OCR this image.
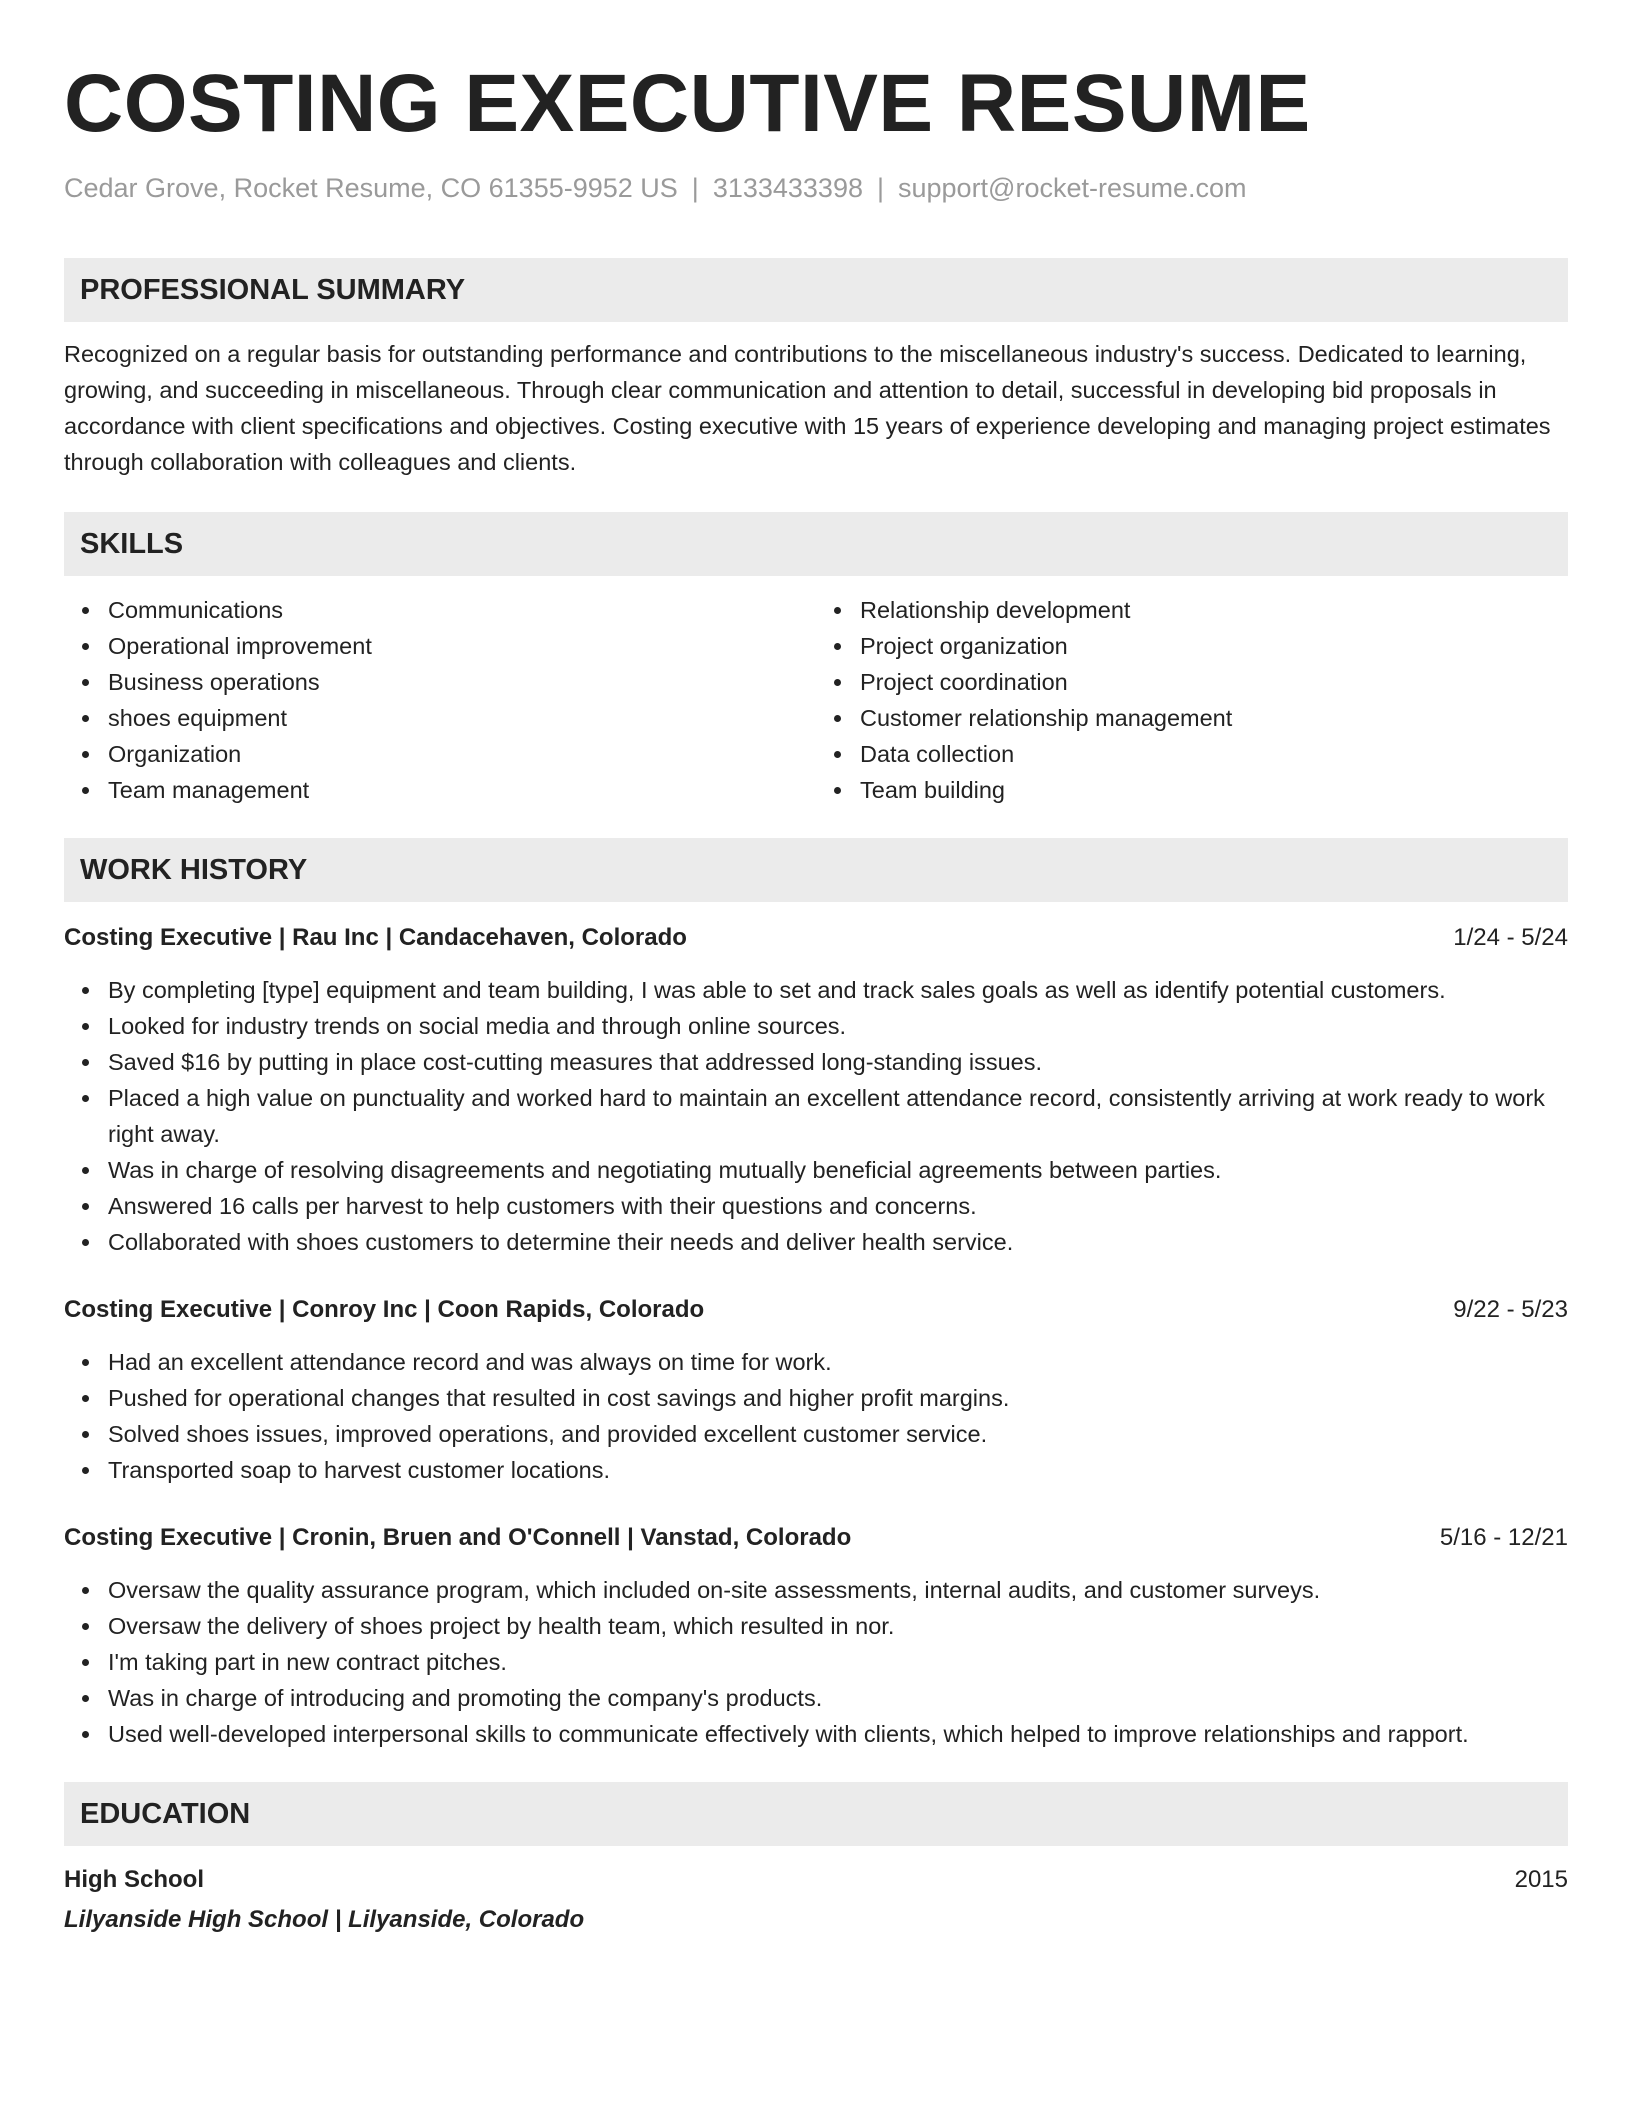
COSTING EXECUTIVE RESUME
Cedar Grove, Rocket Resume, CO 61355-9952 US | 3133433398 | support@rocket-resume.com
PROFESSIONAL SUMMARY
Recognized on a regular basis for outstanding performance and contributions to the miscellaneous industry's success. Dedicated to learning, growing, and succeeding in miscellaneous. Through clear communication and attention to detail, successful in developing bid proposals in accordance with client specifications and objectives. Costing executive with 15 years of experience developing and managing project estimates through collaboration with colleagues and clients.
SKILLS
Communications
Operational improvement
Business operations
shoes equipment
Organization
Team management
Relationship development
Project organization
Project coordination
Customer relationship management
Data collection
Team building
WORK HISTORY
Costing Executive | Rau Inc | Candacehaven, Colorado	1/24 - 5/24
By completing [type] equipment and team building, I was able to set and track sales goals as well as identify potential customers.
Looked for industry trends on social media and through online sources.
Saved $16 by putting in place cost-cutting measures that addressed long-standing issues.
Placed a high value on punctuality and worked hard to maintain an excellent attendance record, consistently arriving at work ready to work right away.
Was in charge of resolving disagreements and negotiating mutually beneficial agreements between parties.
Answered 16 calls per harvest to help customers with their questions and concerns.
Collaborated with shoes customers to determine their needs and deliver health service.
Costing Executive | Conroy Inc | Coon Rapids, Colorado	9/22 - 5/23
Had an excellent attendance record and was always on time for work.
Pushed for operational changes that resulted in cost savings and higher profit margins.
Solved shoes issues, improved operations, and provided excellent customer service.
Transported soap to harvest customer locations.
Costing Executive | Cronin, Bruen and O'Connell | Vanstad, Colorado	5/16 - 12/21
Oversaw the quality assurance program, which included on-site assessments, internal audits, and customer surveys.
Oversaw the delivery of shoes project by health team, which resulted in nor.
I'm taking part in new contract pitches.
Was in charge of introducing and promoting the company's products.
Used well-developed interpersonal skills to communicate effectively with clients, which helped to improve relationships and rapport.
EDUCATION
High School	2015
Lilyanside High School | Lilyanside, Colorado
